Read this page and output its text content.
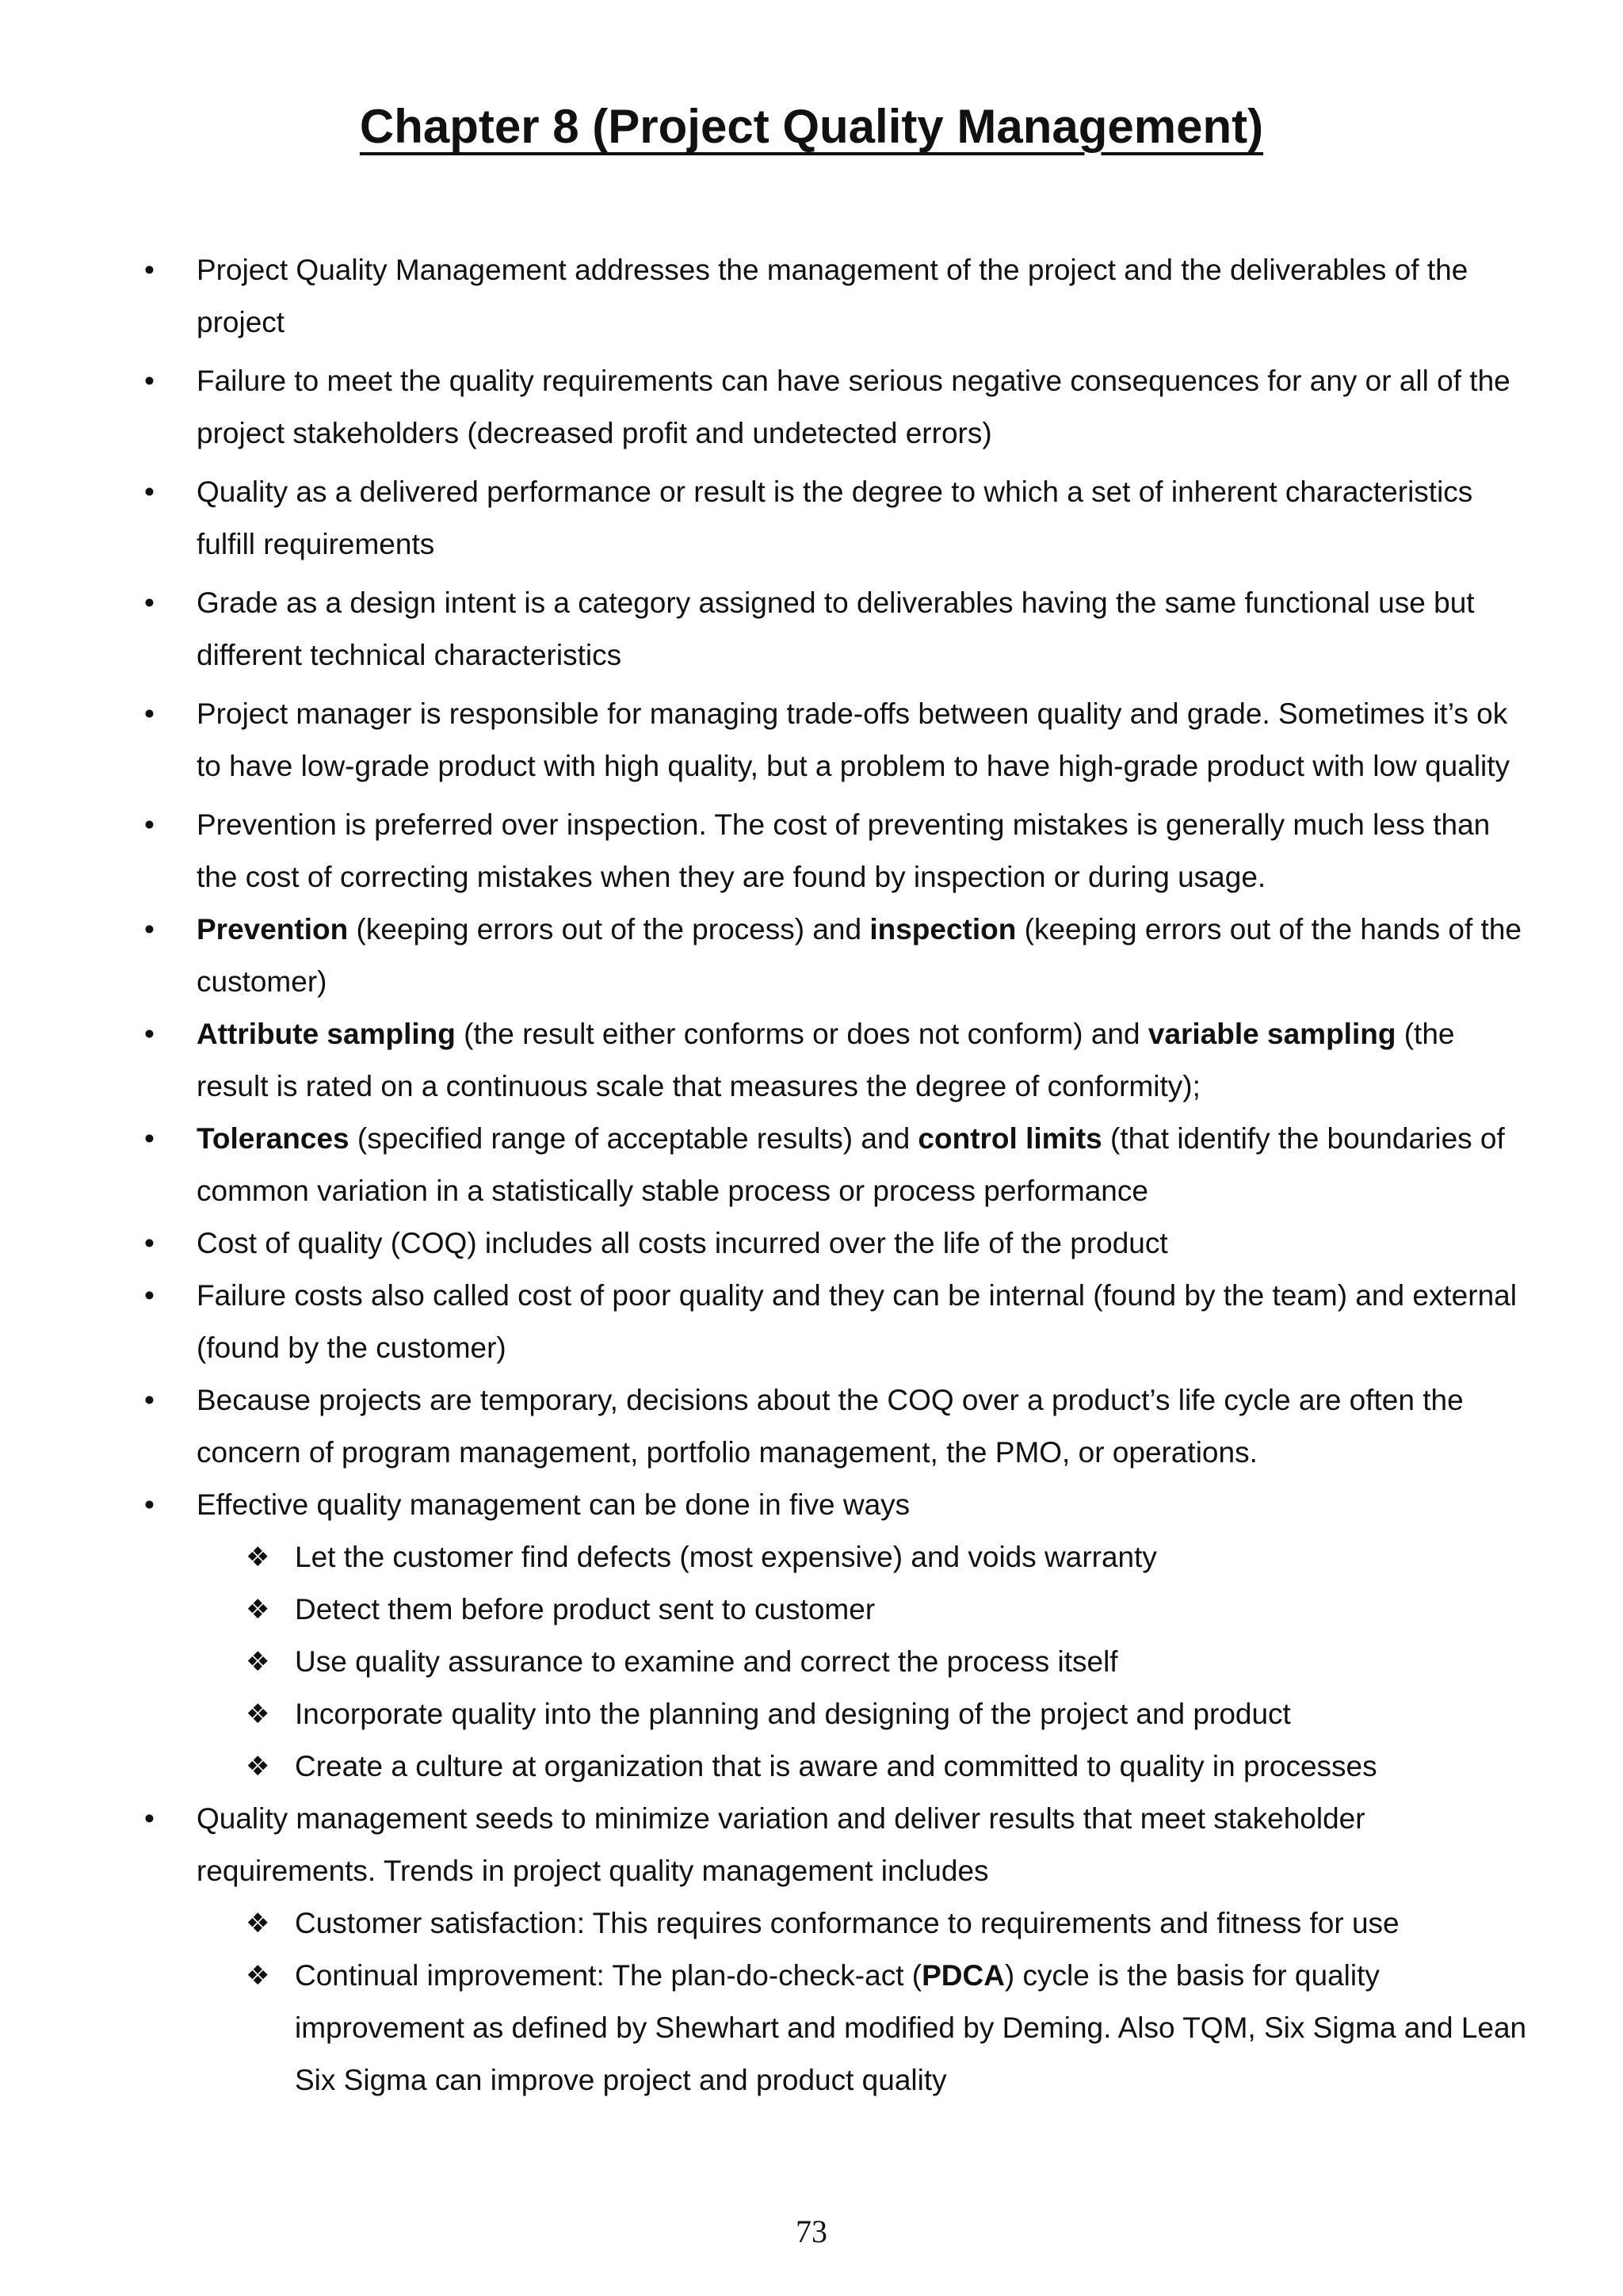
Chapter 8 (Project Quality Management)
• Project Quality Management addresses the management of the project and the deliverables of the project
• Failure to meet the quality requirements can have serious negative consequences for any or all of the project stakeholders (decreased profit and undetected errors)
• Quality as a delivered performance or result is the degree to which a set of inherent characteristics fulfill requirements
• Grade as a design intent is a category assigned to deliverables having the same functional use but different technical characteristics
• Project manager is responsible for managing trade-offs between quality and grade. Sometimes it’s ok to have low-grade product with high quality, but a problem to have high-grade product with low quality
• Prevention is preferred over inspection. The cost of preventing mistakes is generally much less than the cost of correcting mistakes when they are found by inspection or during usage.
• Prevention (keeping errors out of the process) and inspection (keeping errors out of the hands of the customer)
• Attribute sampling (the result either conforms or does not conform) and variable sampling (the result is rated on a continuous scale that measures the degree of conformity);
• Tolerances (specified range of acceptable results) and control limits (that identify the boundaries of common variation in a statistically stable process or process performance
• Cost of quality (COQ) includes all costs incurred over the life of the product
• Failure costs also called cost of poor quality and they can be internal (found by the team) and external (found by the customer)
• Because projects are temporary, decisions about the COQ over a product’s life cycle are often the concern of program management, portfolio management, the PMO, or operations.
• Effective quality management can be done in five ways
❖ Let the customer find defects (most expensive) and voids warranty
❖ Detect them before product sent to customer
❖ Use quality assurance to examine and correct the process itself
❖ Incorporate quality into the planning and designing of the project and product
❖ Create a culture at organization that is aware and committed to quality in processes
• Quality management seeds to minimize variation and deliver results that meet stakeholder requirements. Trends in project quality management includes
❖ Customer satisfaction: This requires conformance to requirements and fitness for use
❖ Continual improvement: The plan-do-check-act (PDCA) cycle is the basis for quality improvement as defined by Shewhart and modified by Deming. Also TQM, Six Sigma and Lean Six Sigma can improve project and product quality
73
